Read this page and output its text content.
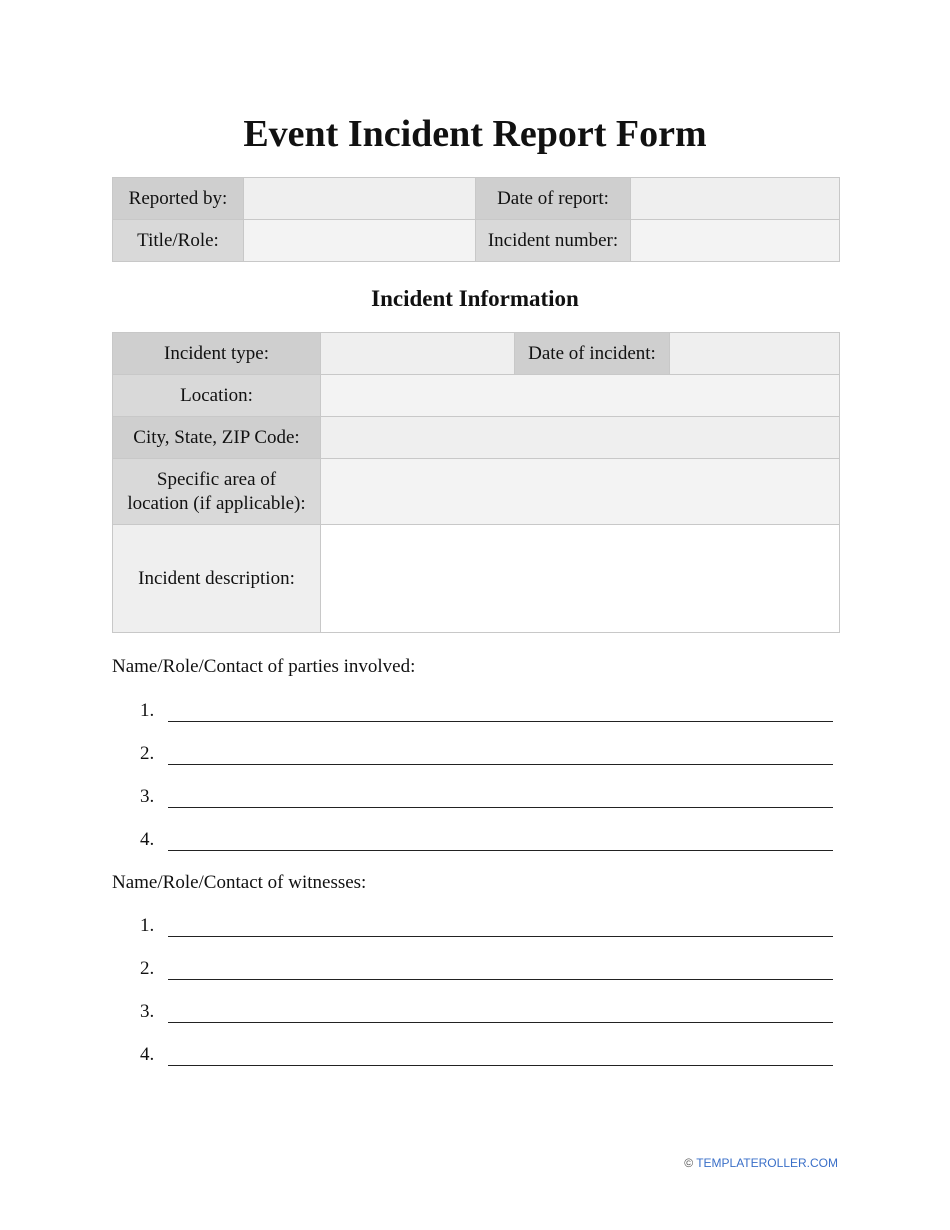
Event Incident Report Form
Reported by:		Date of report:	
Title/Role:		Incident number:	
Incident Information
Incident type:		Date of incident:	
Location:			
City, State, ZIP Code:			
Specific area of
location (if applicable):			
Incident description:			
Name/Role/Contact of parties involved:
1.
2.
3.
4.
Name/Role/Contact of witnesses:
1.
2.
3.
4.
© TEMPLATEROLLER.COM
